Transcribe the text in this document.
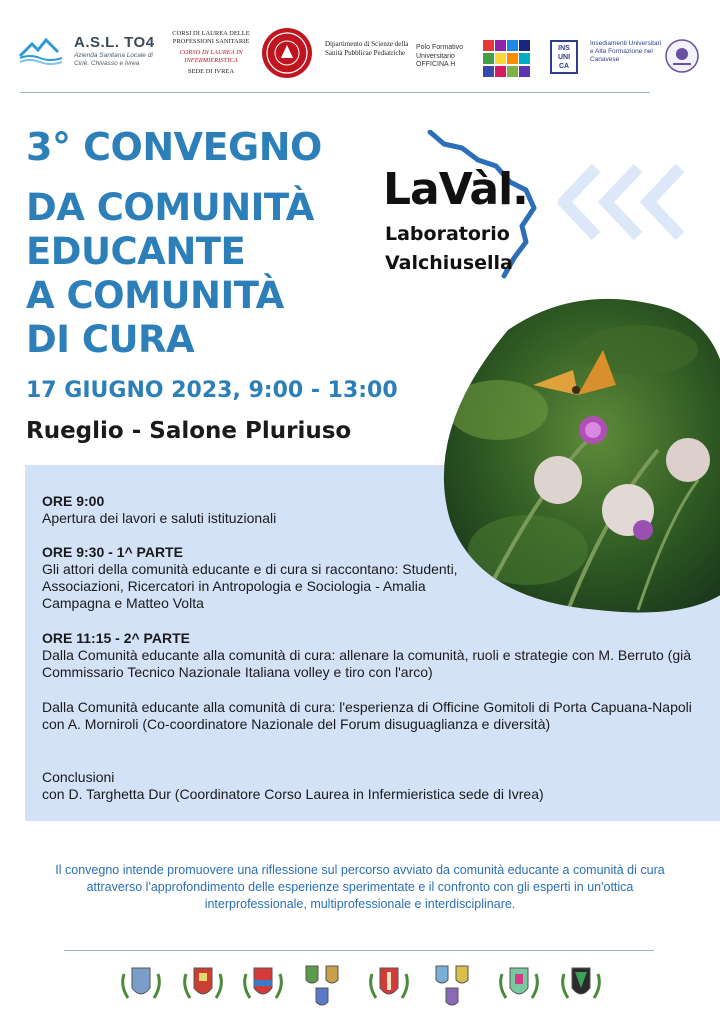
A.S.L. TO4
Azienda Sanitaria Locale di Ciriè, Chivasso e Ivrea
CORSI DI LAUREA DELLE PROFESSIONI SANITARIE
CORSO DI LAUREA IN INFERMIERISTICA
SEDE DI IVREA
Dipartimento di Scienze della Sanità Pubblicae Pediatriche
Polo Formativo Universitario OFFICINA H
INS
UNI
CA
Insediamenti Universitari e Alta Formazione nel Canavese
3° CONVEGNO
DA COMUNITÀ
EDUCANTE
A COMUNITÀ
DI CURA
17 GIUGNO 2023, 9:00 - 13:00
Rueglio - Salone Pluriuso
LaVàl.
Laboratorio
Valchiusella
ORE 9:00
Apertura dei lavori e saluti istituzionali
ORE 9:30 - 1^ PARTE
Gli attori della comunità educante e di cura si raccontano: Studenti, Associazioni, Ricercatori in Antropologia e Sociologia - Amalia Campagna e Matteo Volta
ORE 11:15 - 2^ PARTE
Dalla Comunità educante alla comunità di cura: allenare la comunità, ruoli e strategie con M. Berruto (già Commissario Tecnico Nazionale Italiana volley e tiro con l'arco)
Dalla Comunità educante alla comunità di cura: l'esperienza di Officine Gomitoli di Porta Capuana-Napoli con A. Morniroli (Co-coordinatore Nazionale del Forum disuguaglianza e diversità)
Conclusioni
con D. Targhetta Dur (Coordinatore Corso Laurea in Infermieristica sede di Ivrea)
Il convegno intende promuovere una riflessione sul percorso avviato da comunità educante a comunità di cura attraverso l'approfondimento delle esperienze sperimentate e il confronto con gli esperti in un'ottica interprofessionale, multiprofessionale e interdisciplinare.
